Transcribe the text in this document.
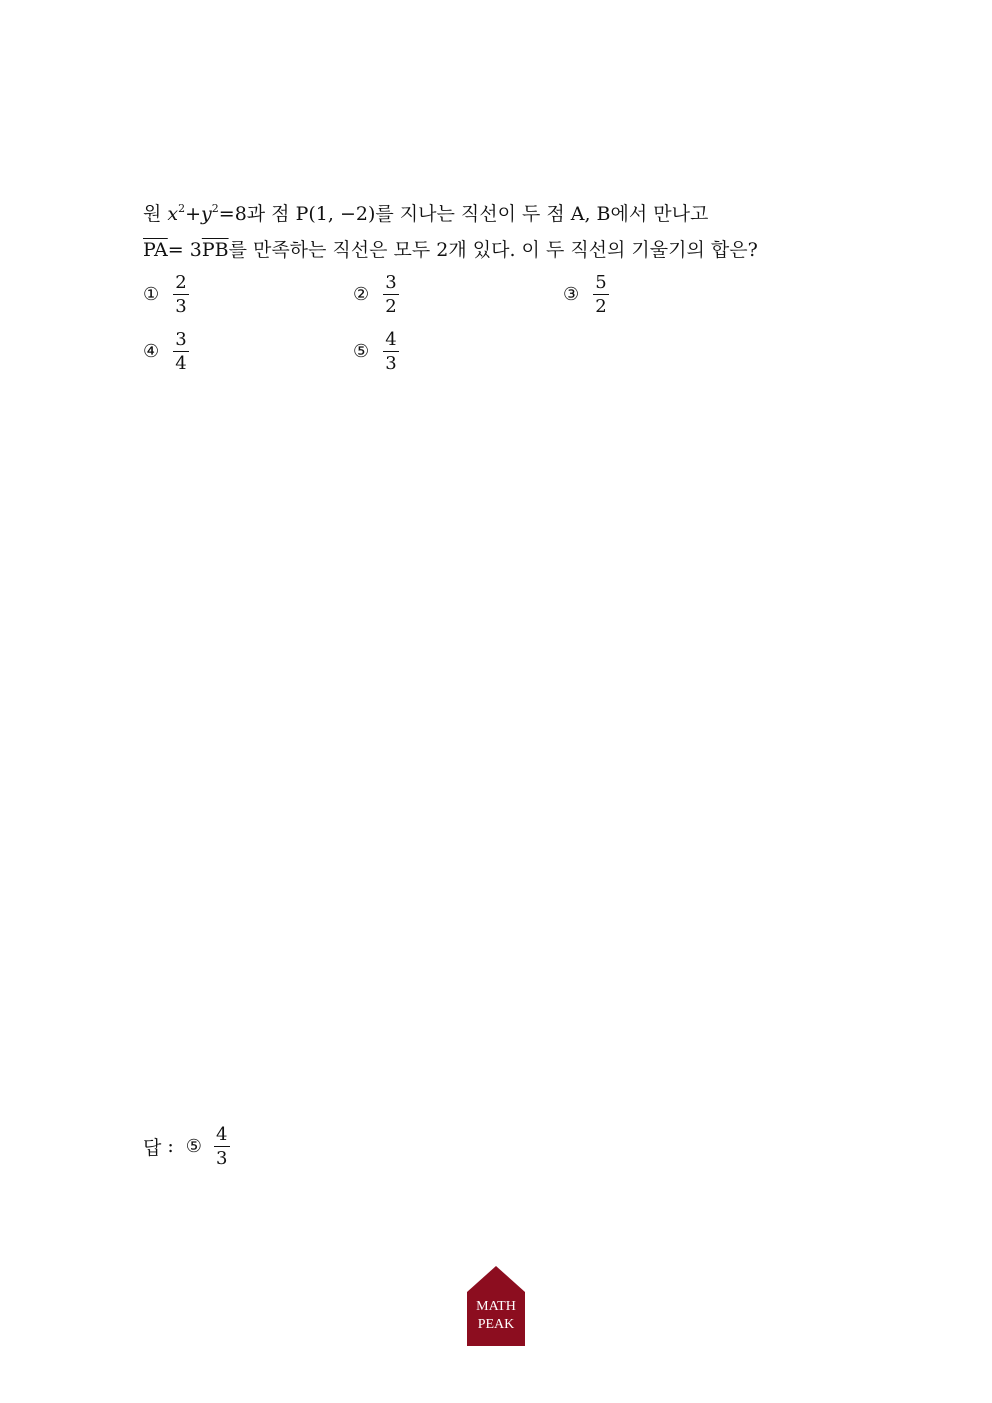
원 $x^2+y^2=8$과 점 P(1, −2)를 지나는 직선이 두 점 A, B에서 만나고
$\overline{PA}= 3\overline{PB}$를 만족하는 직선은 모두 2개 있다. 이 두 직선의 기울기의 합은?
① $\frac{2}{3}$	② $\frac{3}{2}$	③ $\frac{5}{2}$
④ $\frac{3}{4}$	⑤ $\frac{4}{3}$
답 : ⑤ $\frac{4}{3}$
MATH
PEAK
